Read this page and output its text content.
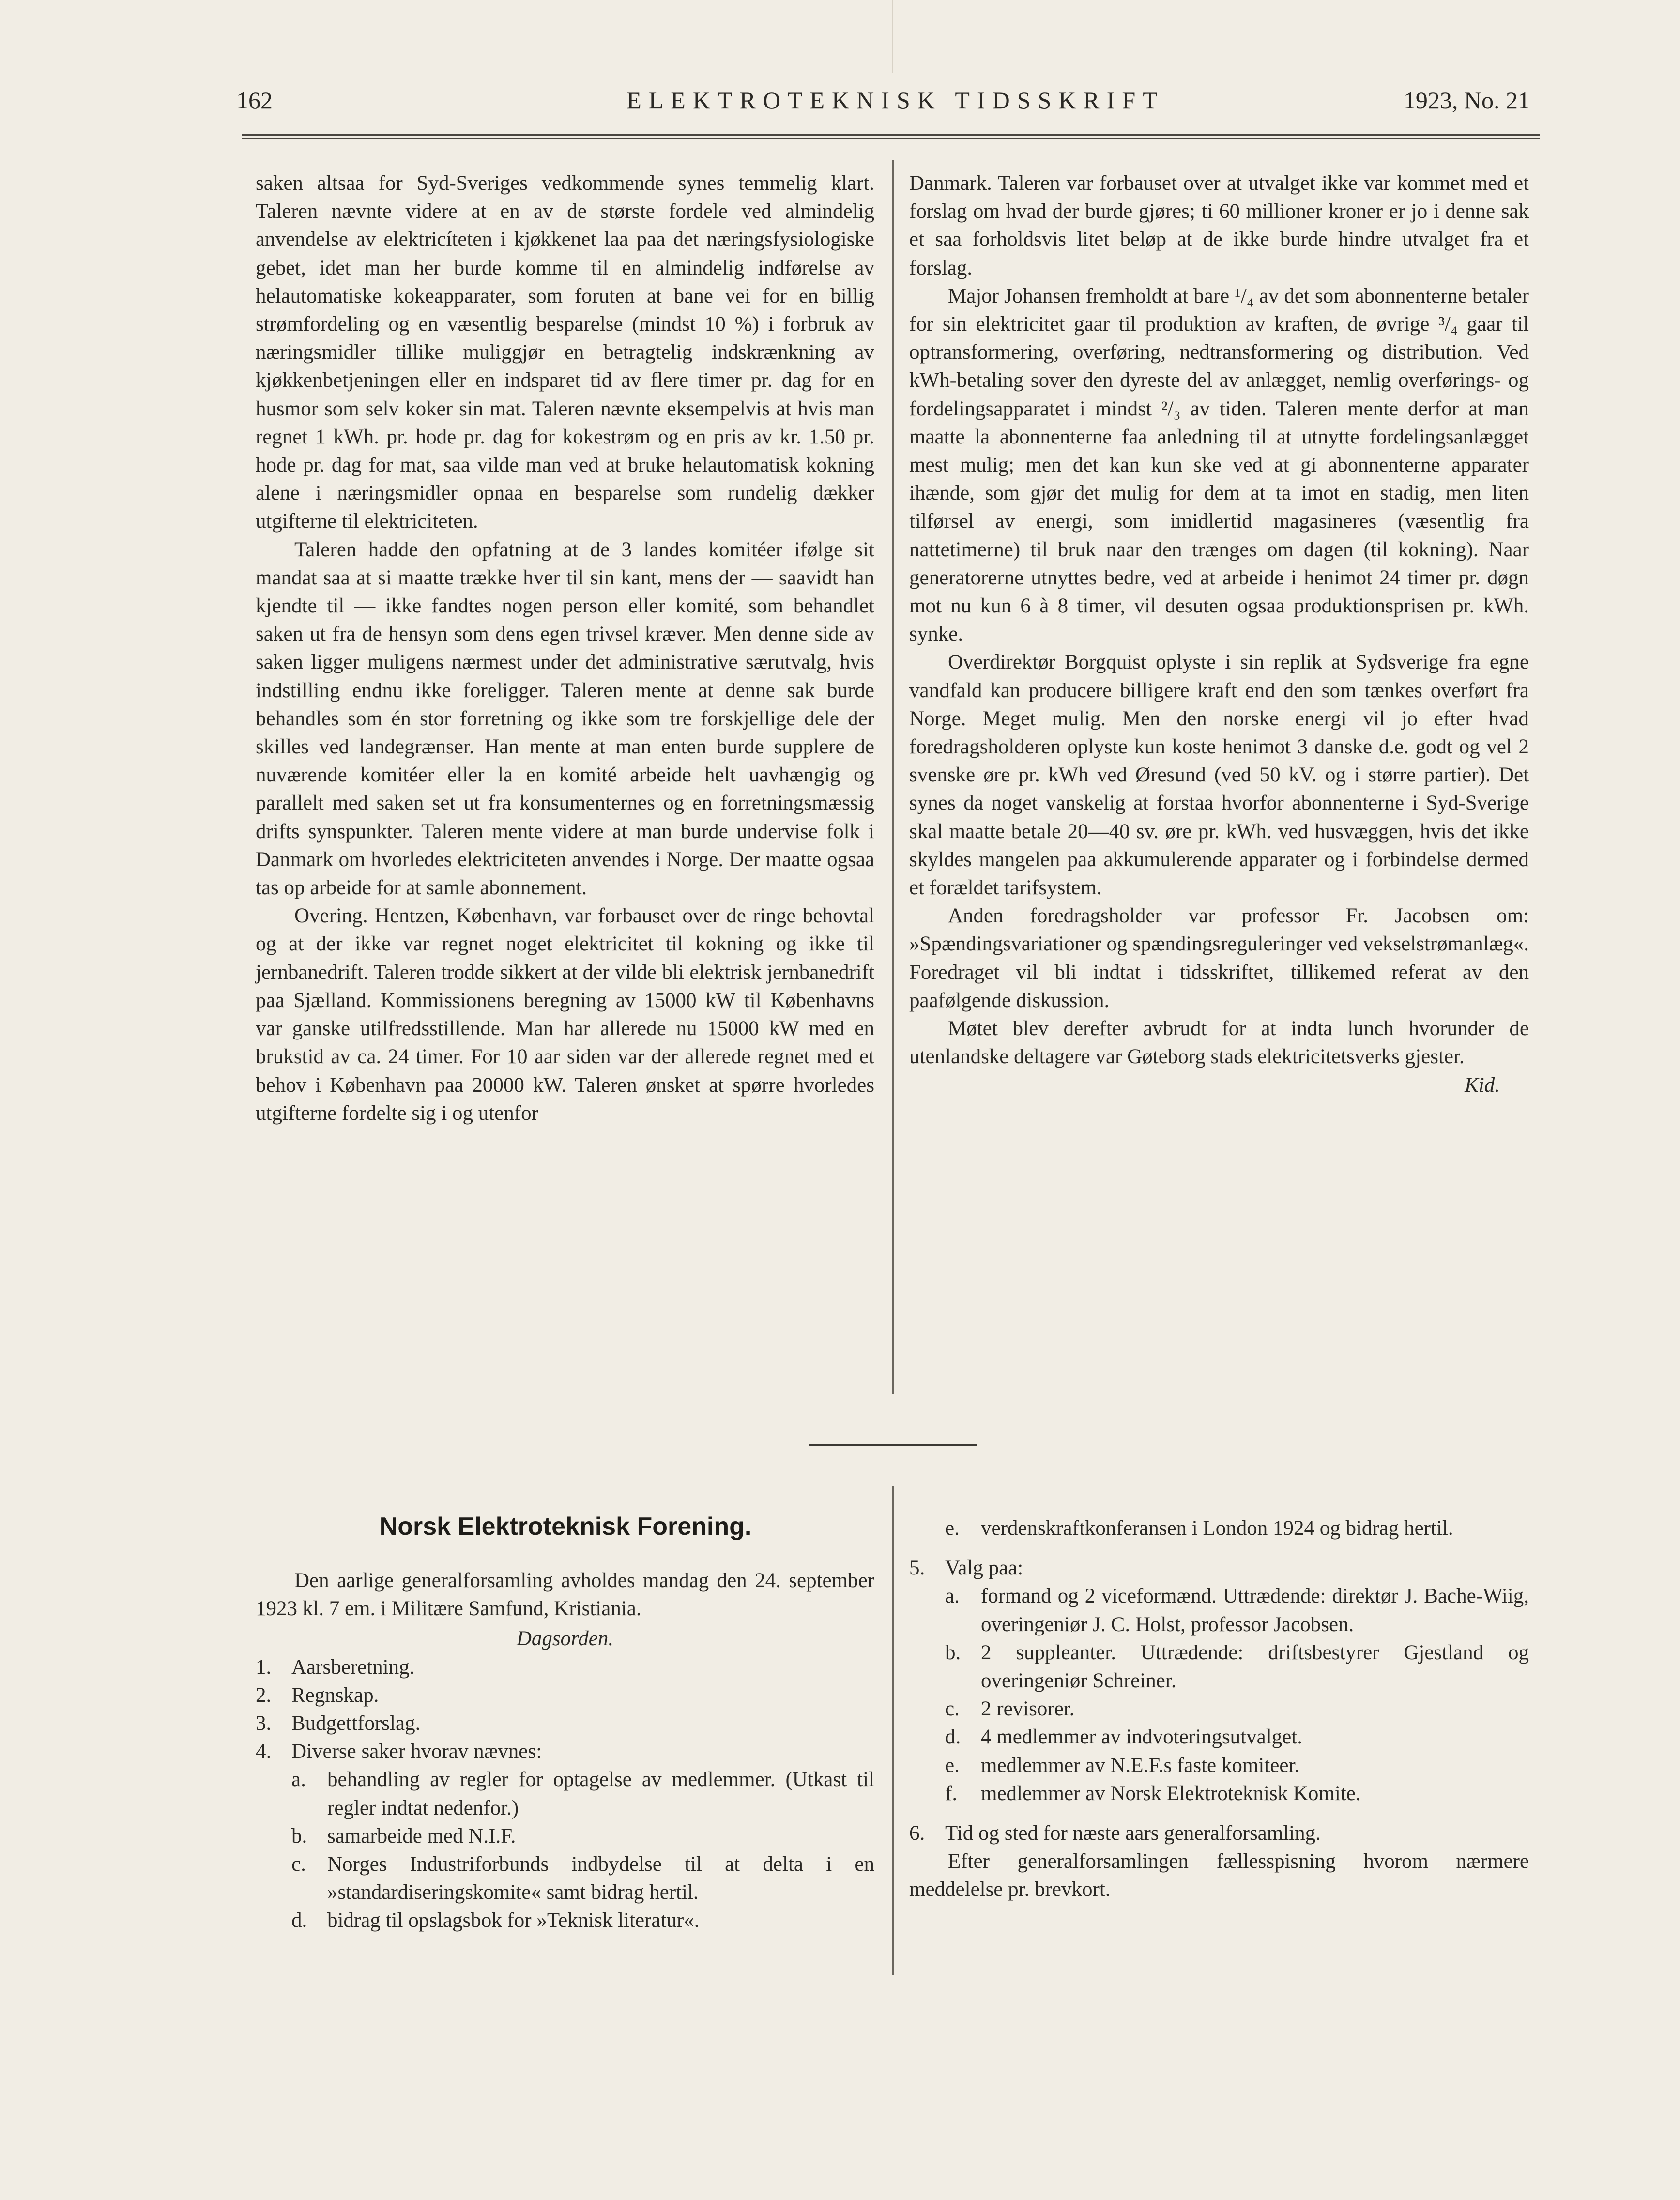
162	ELEKTROTEKNISK TIDSSKRIFT	1923, No. 21

saken altsaa for Syd-Sveriges vedkommende synes temmelig klart. Taleren nævnte videre at en av de største fordele ved almindelig anvendelse av elektricíteten i kjøkkenet laa paa det næringsfysiologiske gebet, idet man her burde komme til en almindelig indførelse av helautomatiske kokeapparater, som foruten at bane vei for en billig strømfordeling og en væsentlig besparelse (mindst 10 %) i forbruk av næringsmidler tillike muliggjør en betragtelig indskrænkning av kjøkkenbetjeningen eller en indsparet tid av flere timer pr. dag for en husmor som selv koker sin mat. Taleren nævnte eksempelvis at hvis man regnet 1 kWh. pr. hode pr. dag for kokestrøm og en pris av kr. 1.50 pr. hode pr. dag for mat, saa vilde man ved at bruke helautomatisk kokning alene i næringsmidler opnaa en besparelse som rundelig dækker utgifterne til elektriciteten.

Taleren hadde den opfatning at de 3 landes komitéer ifølge sit mandat saa at si maatte trække hver til sin kant, mens der — saavidt han kjendte til — ikke fandtes nogen person eller komité, som behandlet saken ut fra de hensyn som dens egen trivsel kræver. Men denne side av saken ligger muligens nærmest under det administrative særutvalg, hvis indstilling endnu ikke foreligger. Taleren mente at denne sak burde behandles som én stor forretning og ikke som tre forskjellige dele der skilles ved landegrænser. Han mente at man enten burde supplere de nuværende komitéer eller la en komité arbeide helt uavhængig og parallelt med saken set ut fra konsumenternes og en forretningsmæssig drifts synspunkter. Taleren mente videre at man burde undervise folk i Danmark om hvorledes elektriciteten anvendes i Norge. Der maatte ogsaa tas op arbeide for at samle abonnement.

Overing. Hentzen, København, var forbauset over de ringe behovtal og at der ikke var regnet noget elektricitet til kokning og ikke til jernbanedrift. Taleren trodde sikkert at der vilde bli elektrisk jernbanedrift paa Sjælland. Kommissionens beregning av 15000 kW til Københavns var ganske utilfredsstillende. Man har allerede nu 15000 kW med en brukstid av ca. 24 timer. For 10 aar siden var der allerede regnet med et behov i København paa 20000 kW. Taleren ønsket at spørre hvorledes utgifterne fordelte sig i og utenfor

Danmark. Taleren var forbauset over at utvalget ikke var kommet med et forslag om hvad der burde gjøres; ti 60 millioner kroner er jo i denne sak et saa forholdsvis litet beløp at de ikke burde hindre utvalget fra et forslag.

Major Johansen fremholdt at bare ¹/₄ av det som abonnenterne betaler for sin elektricitet gaar til produktion av kraften, de øvrige ³/₄ gaar til optransformering, overføring, nedtransformering og distribution. Ved kWh-betaling sover den dyreste del av anlægget, nemlig overførings- og fordelingsapparatet i mindst ²/₃ av tiden. Taleren mente derfor at man maatte la abonnenterne faa anledning til at utnytte fordelingsanlægget mest mulig; men det kan kun ske ved at gi abonnenterne apparater ihænde, som gjør det mulig for dem at ta imot en stadig, men liten tilførsel av energi, som imidlertid magasineres (væsentlig fra nattetimerne) til bruk naar den trænges om dagen (til kokning). Naar generatorerne utnyttes bedre, ved at arbeide i henimot 24 timer pr. døgn mot nu kun 6 à 8 timer, vil desuten ogsaa produktionsprisen pr. kWh. synke.

Overdirektør Borgquist oplyste i sin replik at Sydsverige fra egne vandfald kan producere billigere kraft end den som tænkes overført fra Norge. Meget mulig. Men den norske energi vil jo efter hvad foredragsholderen oplyste kun koste henimot 3 danske d.e. godt og vel 2 svenske øre pr. kWh ved Øresund (ved 50 kV. og i større partier). Det synes da noget vanskelig at forstaa hvorfor abonnenterne i Syd-Sverige skal maatte betale 20—40 sv. øre pr. kWh. ved husvæggen, hvis det ikke skyldes mangelen paa akkumulerende apparater og i forbindelse dermed et forældet tarifsystem.

Anden foredragsholder var professor Fr. Jacobsen om: »Spændingsvariationer og spændingsreguleringer ved vekselstrømanlæg«. Foredraget vil bli indtat i tidsskriftet, tillikemed referat av den paafølgende diskussion.

Møtet blev derefter avbrudt for at indta lunch hvorunder de utenlandske deltagere var Gøteborg stads elektricitetsverks gjester.

Kid.

Norsk Elektroteknisk Forening.

Den aarlige generalforsamling avholdes mandag den 24. september 1923 kl. 7 em. i Militære Samfund, Kristiania.

Dagsorden.

1. Aarsberetning.
2. Regnskap.
3. Budgettforslag.
4. Diverse saker hvorav nævnes:
a.	behandling av regler for optagelse av medlemmer. (Utkast til regler indtat nedenfor.)
b. samarbeide med N.I.F.
c.	Norges Industriforbunds indbydelse til at delta i en »standardiseringskomite« samt bidrag hertil.
d. bidrag til opslagsbok for »Teknisk literatur«.
e.	verdenskraftkonferansen i London 1924 og bidrag hertil.
5. Valg paa:
a.	formand og 2 viceformænd. Uttrædende: direktør J. Bache-Wiig, overingeniør J. C. Holst, professor Jacobsen.
b. 2 suppleanter. Uttrædende: driftsbestyrer Gjestland og overingeniør Schreiner.
c.	2 revisorer.
d. 4 medlemmer av indvoteringsutvalget.
e.	medlemmer av N.E.F.s faste komiteer.
f.	medlemmer av Norsk Elektroteknisk Komite.
6. Tid og sted for næste aars generalforsamling.

Efter generalforsamlingen fællesspisning hvorom nærmere meddelelse pr. brevkort.
